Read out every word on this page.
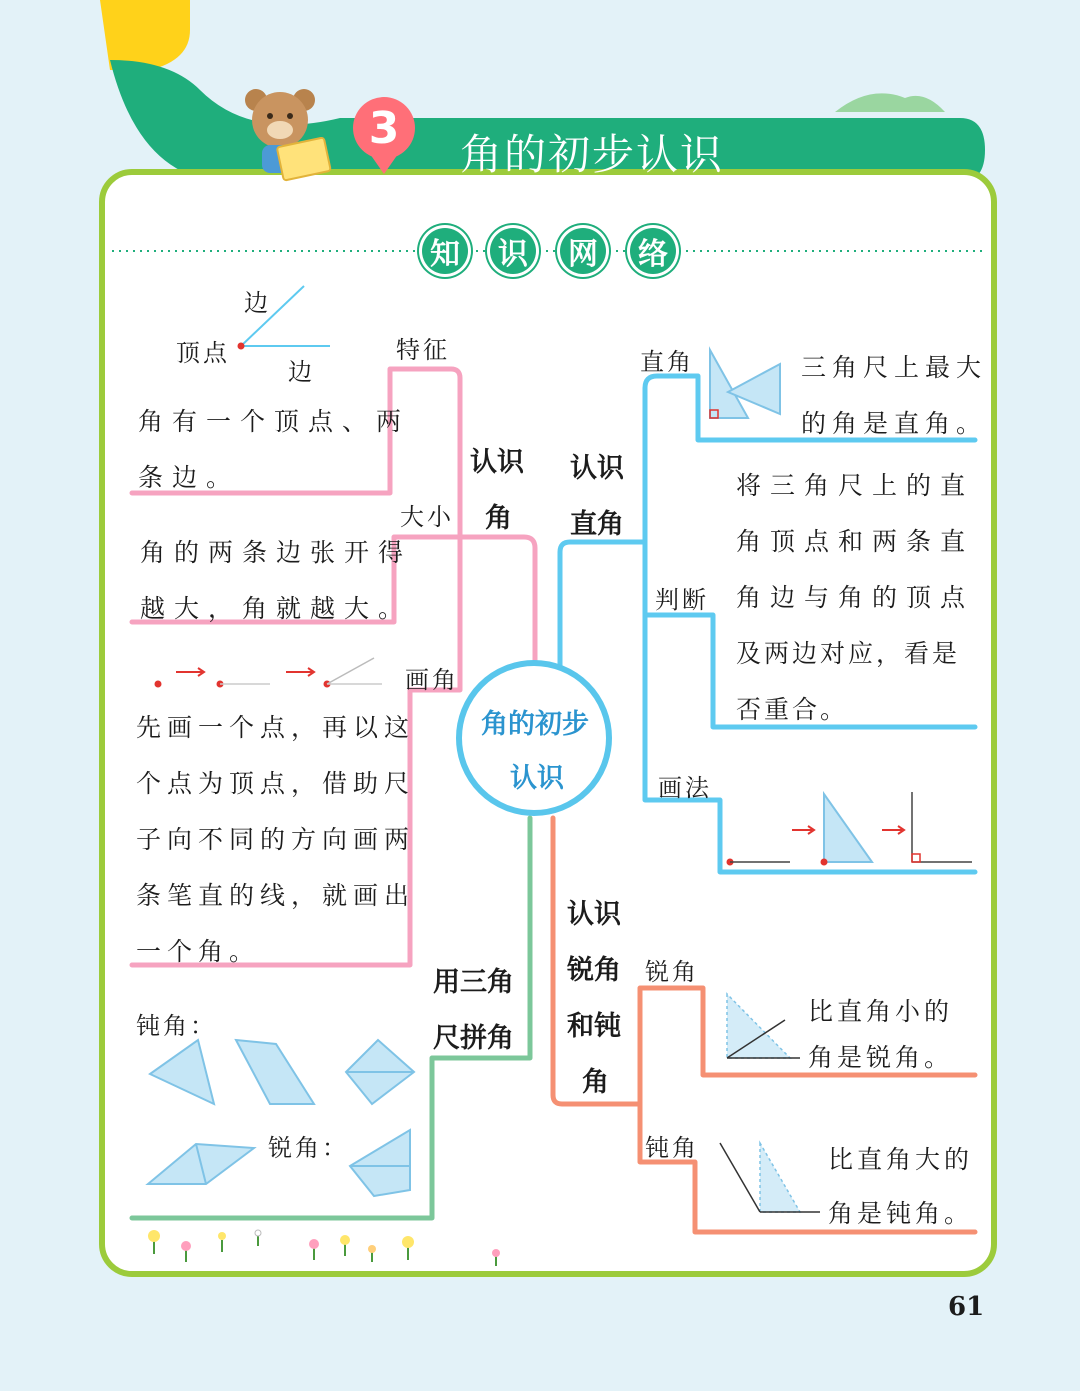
角的初步认识
知 识 网 络
角的初步
认识
认识
角
特征
边
顶点
边
角有一个顶点、两
条边。
大小
角的两条边张开得
越大，角就越大。
画角
先画一个点，再以这
个点为顶点，借助尺
子向不同的方向画两
条笔直的线，就画出
一个角。
认识
直角
直角	三角尺上最大
的角是直角。
判断
将三角尺上的直
角顶点和两条直
角边与角的顶点
及两边对应，看是
否重合。
画法
认识
锐角
和钝
角
锐角
比直角小的
角是锐角。
钝角	比直角大的
角是钝角。
用三角
尺拼角
钝角：
锐角：
61
